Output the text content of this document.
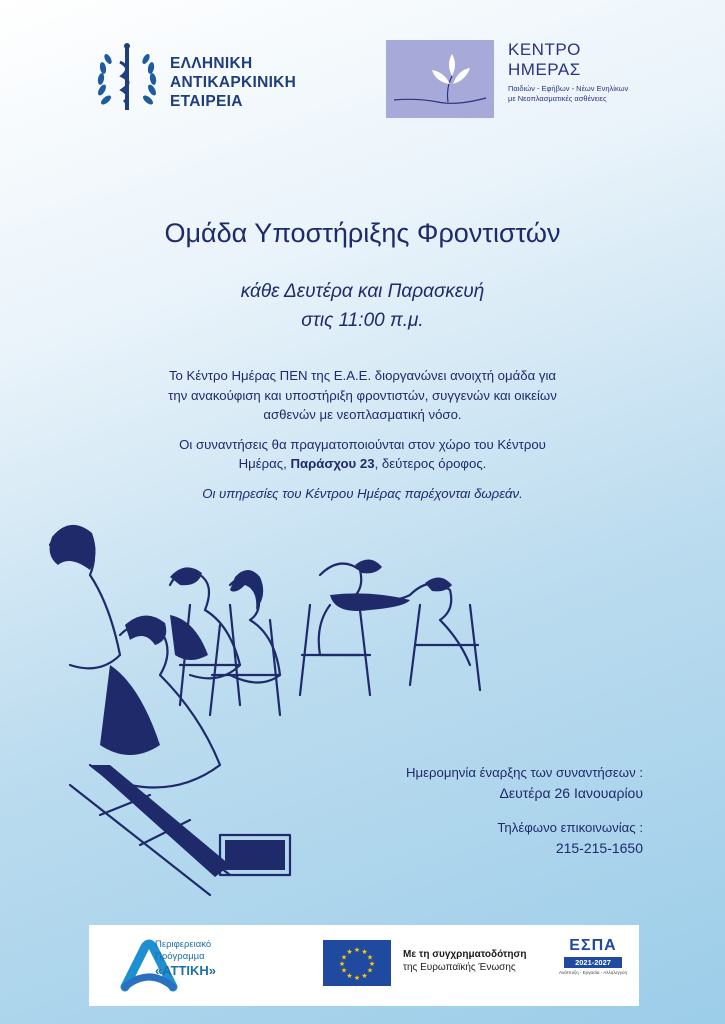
ΕΛΛΗΝΙΚΗ
ΑΝΤΙΚΑΡΚΙΝΙΚΗ
ΕΤΑΙΡΕΙΑ
ΚΕΝΤΡΟ
ΗΜΕΡΑΣ
Παιδιών - Εφήβων - Νέων Ενηλίκων
με Νεοπλασματικές ασθένειες
Ομάδα Υποστήριξης Φροντιστών
κάθε Δευτέρα και Παρασκευή
στις 11:00 π.μ.

Το Κέντρο Ημέρας ΠΕΝ της Ε.Α.Ε. διοργανώνει ανοιχτή ομάδα για
την ανακούφιση και υποστήριξη φροντιστών, συγγενών και οικείων
ασθενών με νεοπλασματική νόσο.

Οι συναντήσεις θα πραγματοποιούνται στον χώρο του Κέντρου
Ημέρας, Παράσχου 23, δεύτερος όροφος.

Οι υπηρεσίες του Κέντρου Ημέρας παρέχονται δωρεάν.

Ημερομηνία έναρξης των συναντήσεων :
Δευτέρα 26 Ιανουαρίου
Τηλέφωνο επικοινωνίας :
215-215-1650
Περιφερειακό
Πρόγραμμα
«ΑΤΤΙΚΗ»
★ ★
★
★
★
★
★
★
★
★
★
★	Με τη συγχρηματοδότηση
της Ευρωπαϊκής Ένωσης
ΕΣΠΑ
2021-2027
Ανάπτυξη - Εργασία - Αλληλεγγύη
